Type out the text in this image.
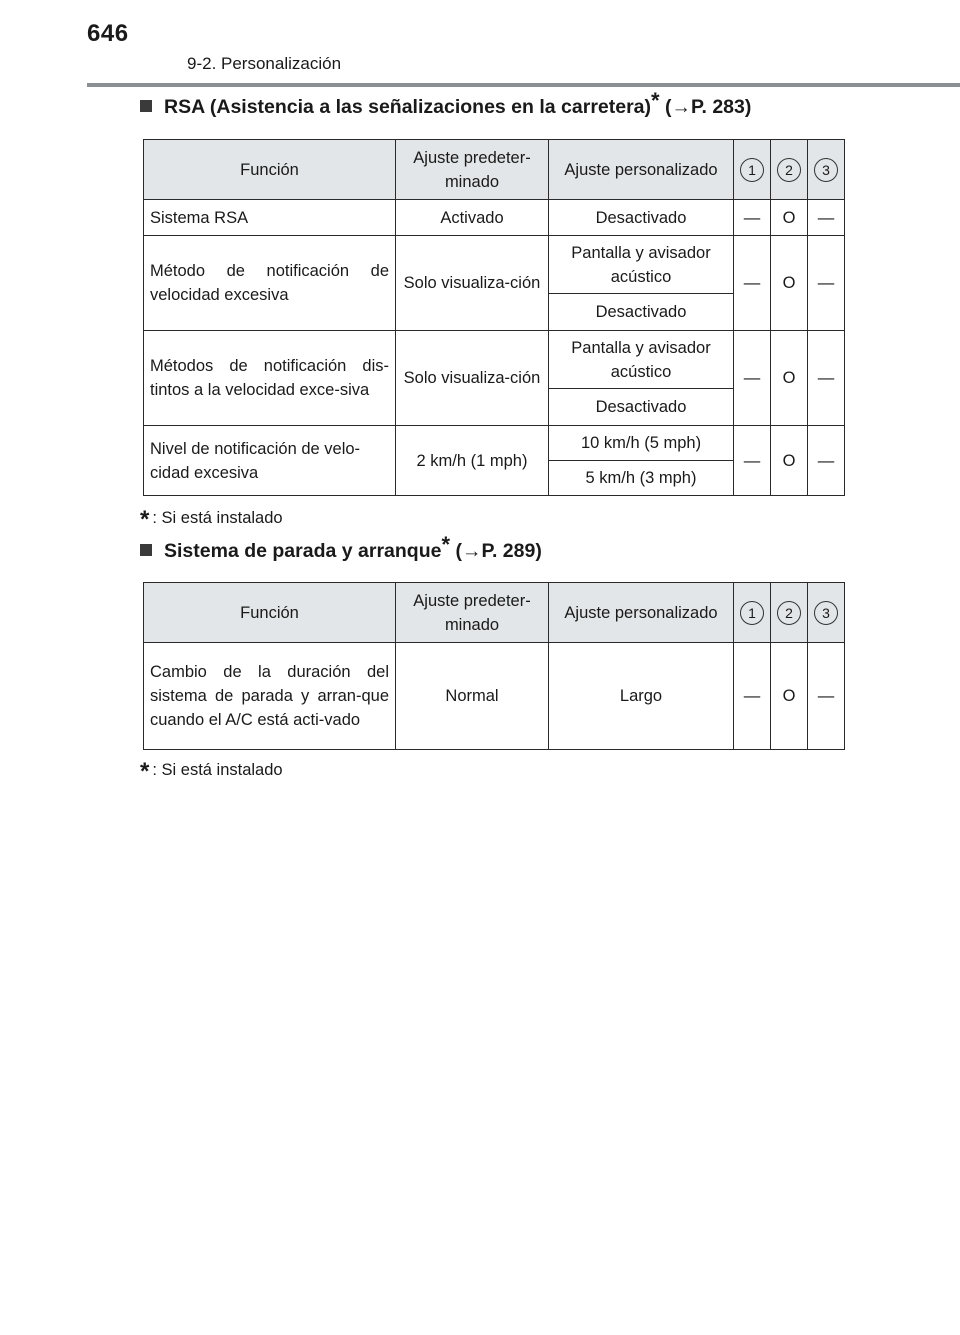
646
9-2. Personalización
RSA (Asistencia a las señalizaciones en la carretera)* (→P. 283)
Función	Ajuste predeter-minado	Ajuste personalizado	1	2	3
Sistema RSA	Activado	Desactivado	—	O	—
Método de notificación de velocidad excesiva	Solo visualiza-ción	Pantalla y avisador acústico	—	O	—
		Desactivado			
Métodos de notificación dis-tintos a la velocidad exce-siva	Solo visualiza-ción	Pantalla y avisador acústico	—	O	—
		Desactivado			
Nivel de notificación de velo-cidad excesiva	2 km/h (1 mph)	10 km/h (5 mph)	—	O	—
		5 km/h (3 mph)			
* : Si está instalado
Sistema de parada y arranque* (→P. 289)
Función	Ajuste predeter-minado	Ajuste personalizado	1	2	3
Cambio de la duración del sistema de parada y arran-que cuando el A/C está acti-vado	Normal	Largo	—	O	—
* : Si está instalado
